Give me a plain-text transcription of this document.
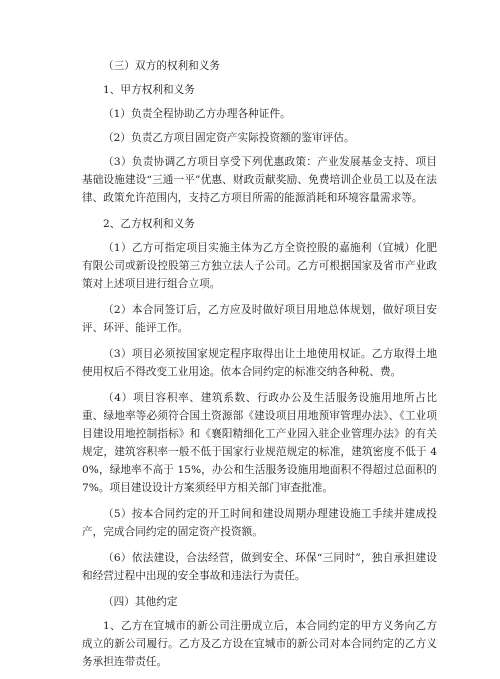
（三）双方的权利和义务

1、甲方权利和义务

（1）负责全程协助乙方办理各种证件。

（2）负责乙方项目固定资产实际投资额的鉴审评估。

（3）负责协调乙方项目享受下列优惠政策：产业发展基金支持、项目基础设施建设“三通一平”优惠、财政贡献奖励、免费培训企业员工以及在法律、政策允许范围内，支持乙方项目所需的能源消耗和环境容量需求等。

2、乙方权利和义务

（1）乙方可指定项目实施主体为乙方全资控股的嘉施利（宜城）化肥有限公司或新设控股第三方独立法人子公司。乙方可根据国家及省市产业政策对上述项目进行组合立项。

（2）本合同签订后，乙方应及时做好项目用地总体规划，做好项目安评、环评、能评工作。

（3）项目必须按国家规定程序取得出让土地使用权证。乙方取得土地使用权后不得改变工业用途。依本合同约定的标准交纳各种税、费。

（4）项目容积率、建筑系数、行政办公及生活服务设施用地所占比重、绿地率等必须符合国土资源部《建设项目用地预审管理办法》、《工业项目建设用地控制指标》和《襄阳精细化工产业园入驻企业管理办法》的有关规定，建筑容积率一般不低于国家行业规范规定的标准，建筑密度不低于 40%，绿地率不高于 15%，办公和生活服务设施用地面积不得超过总面积的 7%。项目建设设计方案须经甲方相关部门审查批准。

（5）按本合同约定的开工时间和建设周期办理建设施工手续并建成投产，完成合同约定的固定资产投资额。

（6）依法建设，合法经营，做到安全、环保“三同时”，独自承担建设和经营过程中出现的安全事故和违法行为责任。

（四）其他约定

1、乙方在宜城市的新公司注册成立后，本合同约定的甲方义务向乙方成立的新公司履行。乙方及乙方设在宜城市的新公司对本合同约定的乙方义务承担连带责任。
